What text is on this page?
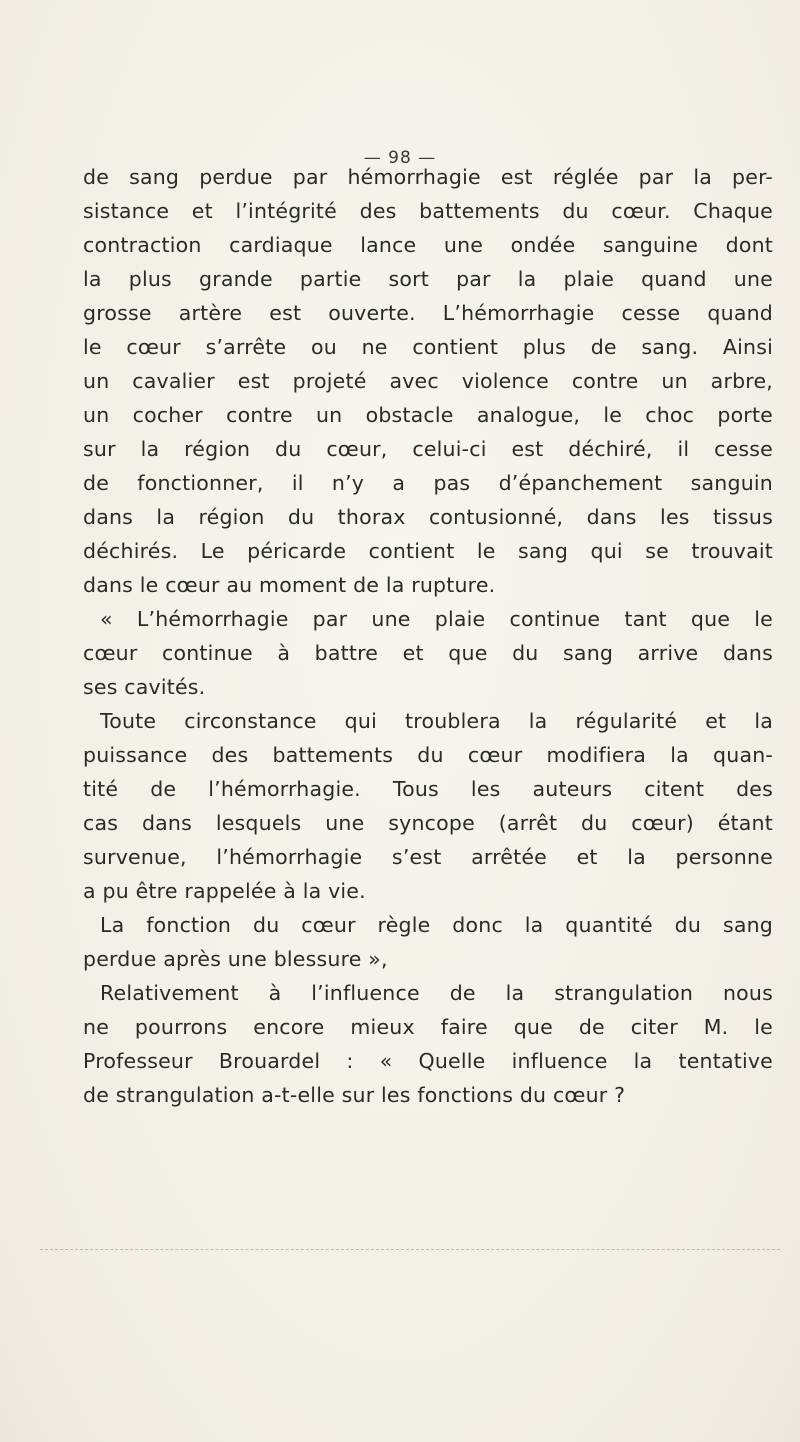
— 98 —
de sang perdue par hémorrhagie est réglée par la per-
sistance et l’intégrité des battements du cœur. Chaque
contraction cardiaque lance une ondée sanguine dont
la plus grande partie sort par la plaie quand une
grosse artère est ouverte. L’hémorrhagie cesse quand
le cœur s’arrête ou ne contient plus de sang. Ainsi
un cavalier est projeté avec violence contre un arbre,
un cocher contre un obstacle analogue, le choc porte
sur la région du cœur, celui-ci est déchiré, il cesse
de fonctionner, il n’y a pas d’épanchement sanguin
dans la région du thorax contusionné, dans les tissus
déchirés. Le péricarde contient le sang qui se trouvait
dans le cœur au moment de la rupture.
« L’hémorrhagie par une plaie continue tant que le
cœur continue à battre et que du sang arrive dans
ses cavités.
Toute circonstance qui troublera la régularité et la
puissance des battements du cœur modifiera la quan-
tité de l’hémorrhagie. Tous les auteurs citent des
cas dans lesquels une syncope (arrêt du cœur) étant
survenue, l’hémorrhagie s’est arrêtée et la personne
a pu être rappelée à la vie.
La fonction du cœur règle donc la quantité du sang
perdue après une blessure »,
Relativement à l’influence de la strangulation nous
ne pourrons encore mieux faire que de citer M. le
Professeur Brouardel : « Quelle influence la tentative
de strangulation a-t-elle sur les fonctions du cœur ?
